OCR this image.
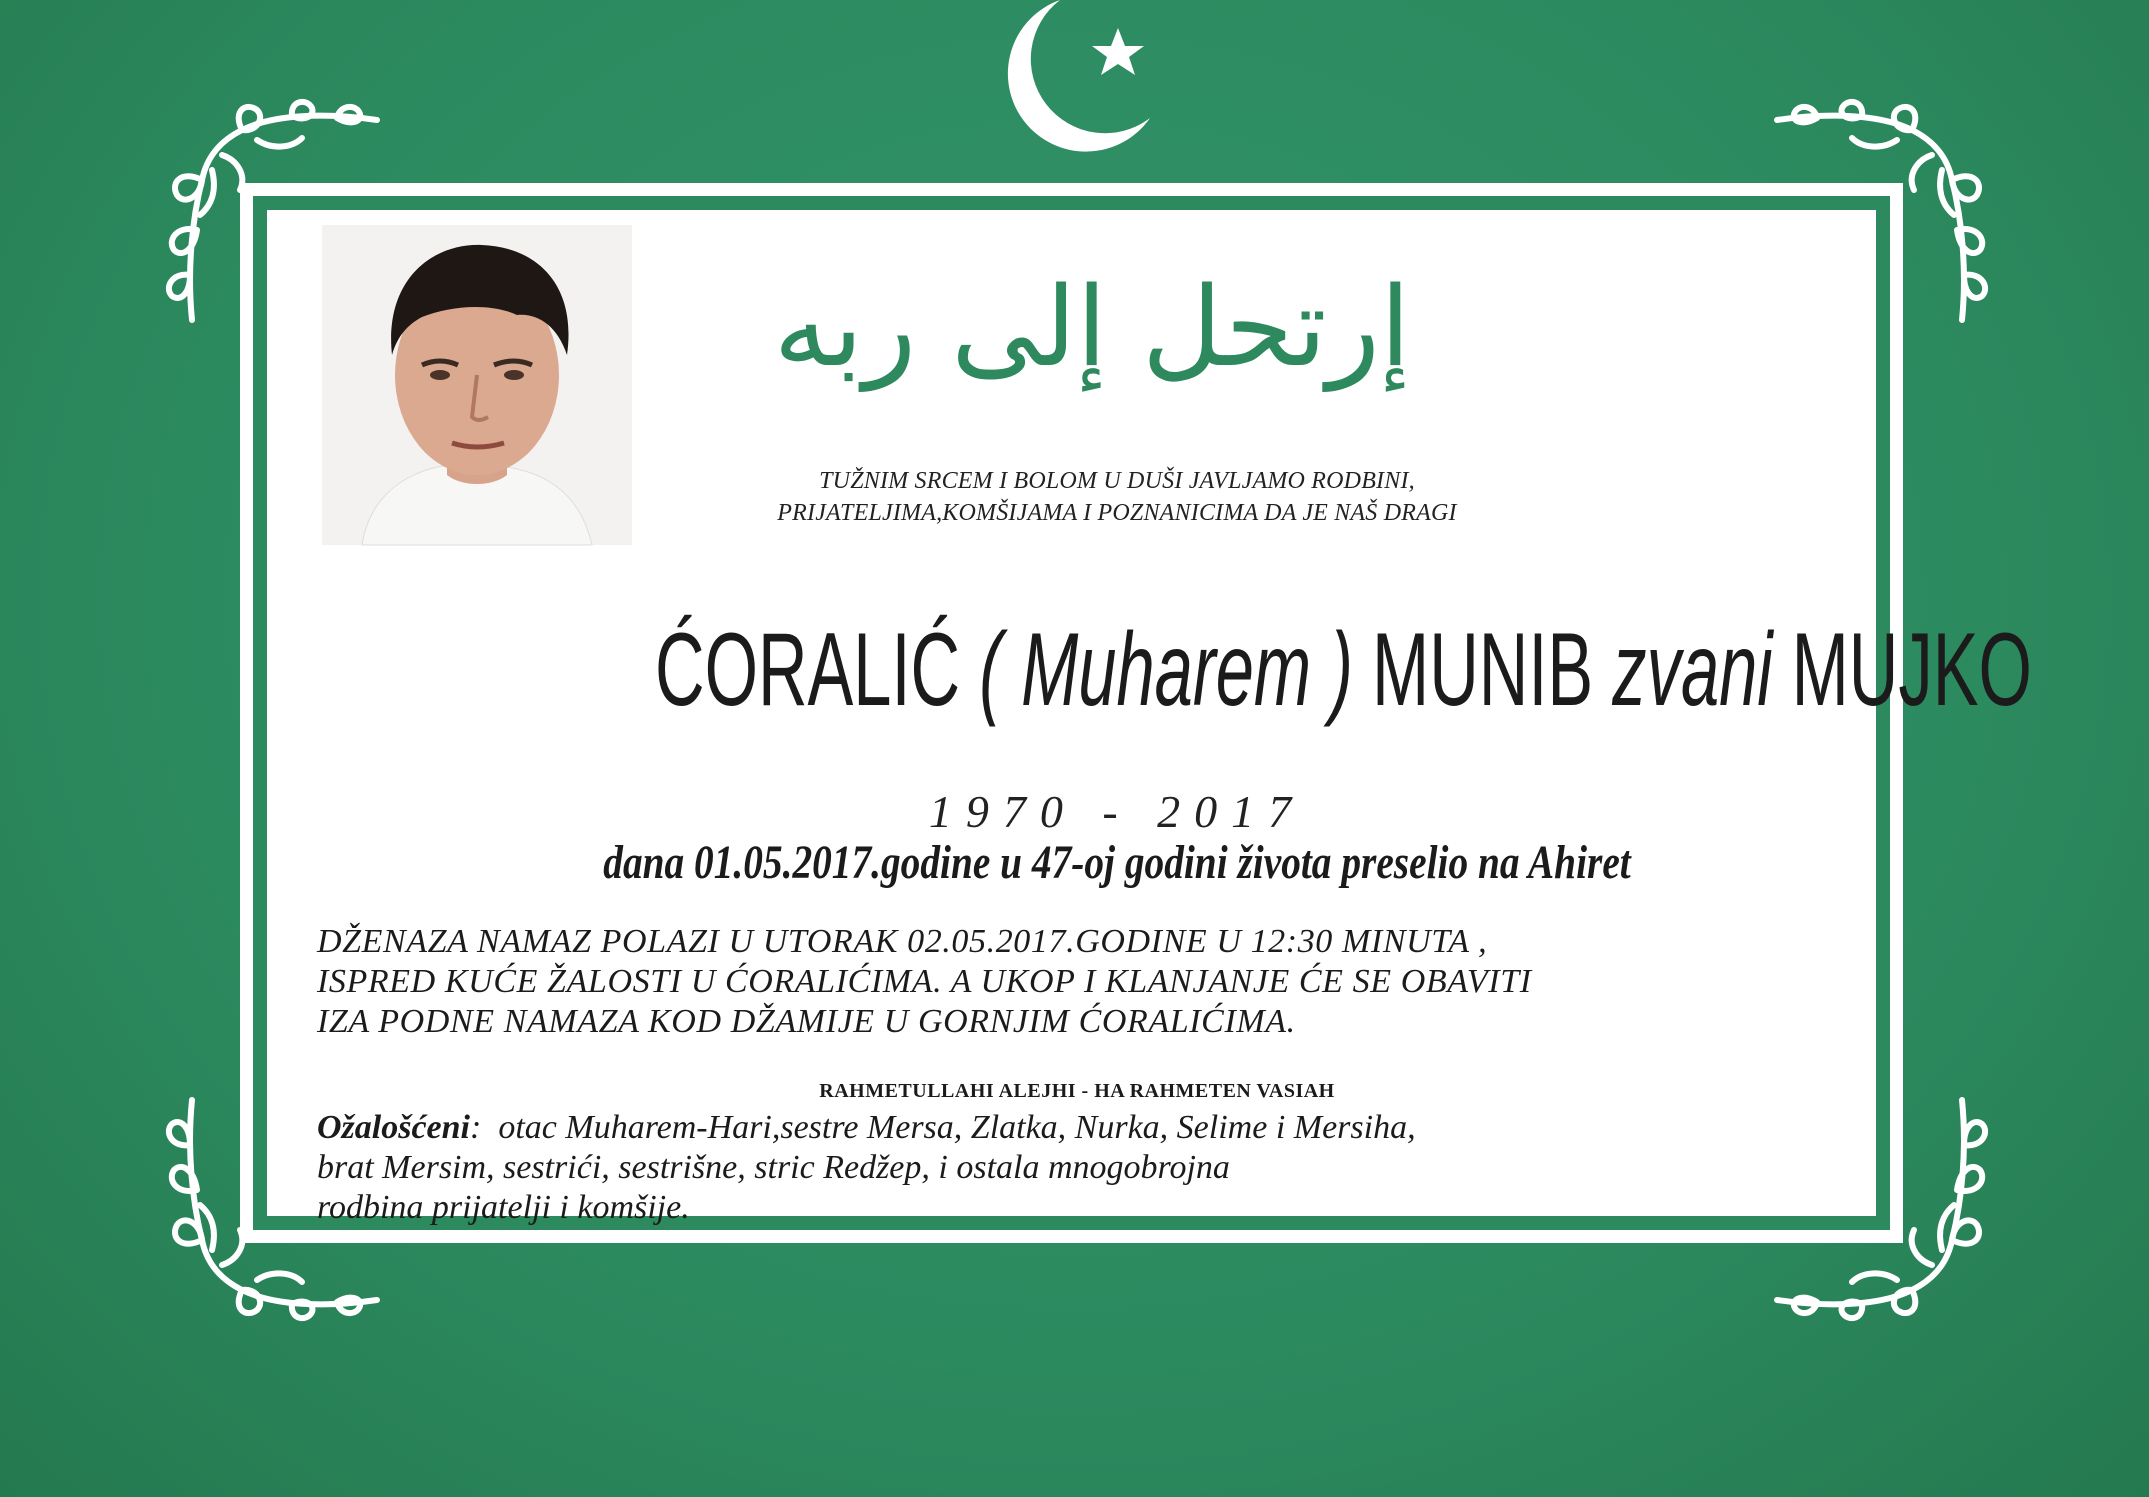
إرتحل إلى ربه
TUŽNIM SRCEM I BOLOM U DUŠI JAVLJAMO RODBINI,
PRIJATELJIMA,KOMŠIJAMA I POZNANICIMA DA JE NAŠ DRAGI
ĆORALIĆ ( Muharem ) MUNIB zvani MUJKO
1970 - 2017
dana 01.05.2017.godine u 47-oj godini života preselio na Ahiret
DŽENAZA NAMAZ POLAZI U UTORAK 02.05.2017.GODINE U 12:30 MINUTA ,
ISPRED KUĆE ŽALOSTI U ĆORALIĆIMA. A UKOP I KLANJANJE ĆE SE OBAVITI
IZA PODNE NAMAZA KOD DŽAMIJE U GORNJIM ĆORALIĆIMA.
RAHMETULLAHI ALEJHI - HA RAHMETEN VASIAH
Ožalošćeni:  otac Muharem-Hari,sestre Mersa, Zlatka, Nurka, Selime i Mersiha,
brat Mersim, sestrići, sestrišne, stric Redžep, i ostala mnogobrojna
rodbina prijatelji i komšije.
